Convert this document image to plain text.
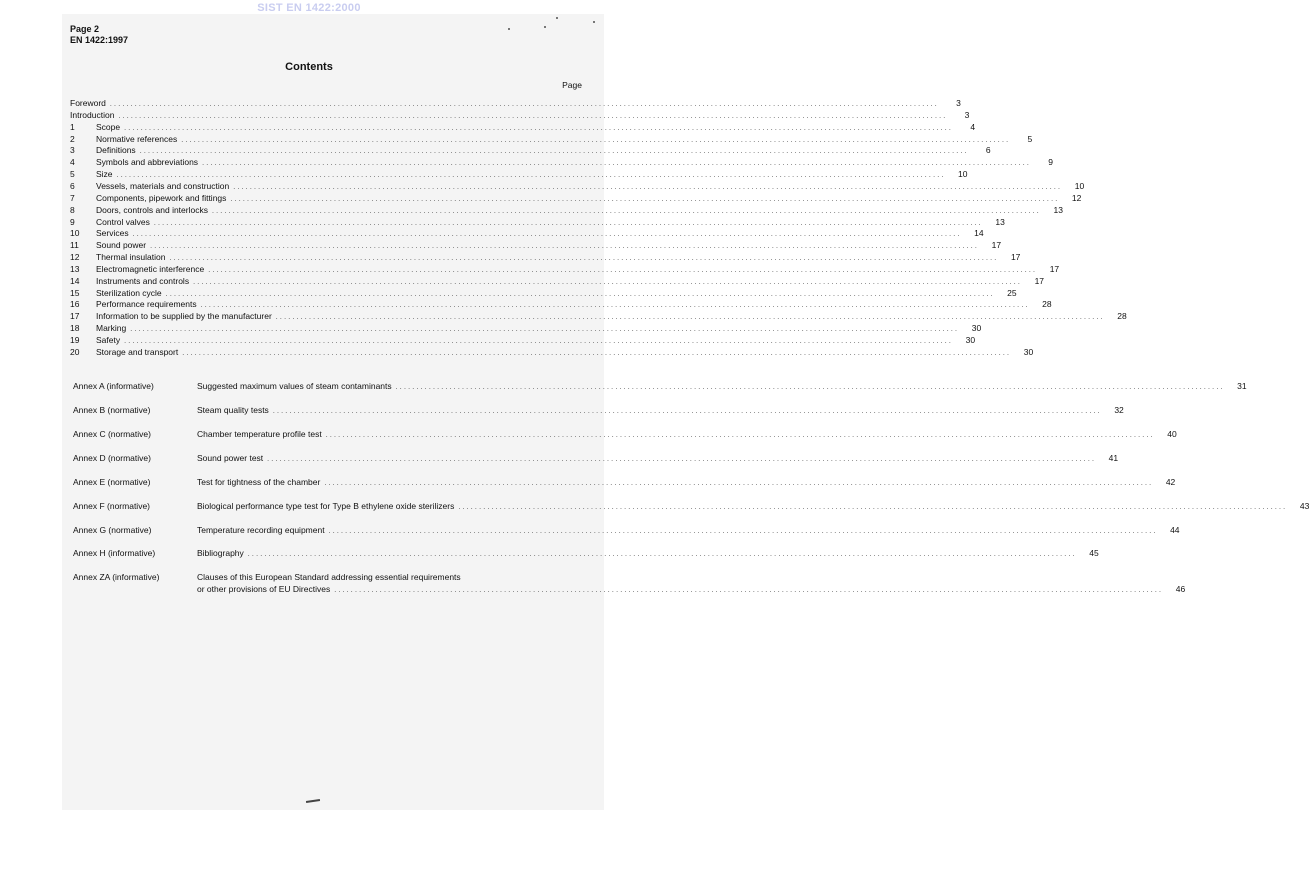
SIST EN 1422:2000
Page 2
EN 1422:1997
Contents
Page
Foreword ........................................................................................................................................................................................................	3
Introduction ........................................................................................................................................................................................................	3
1	Scope ........................................................................................................................................................................................................	4
2	Normative references ........................................................................................................................................................................................................	5
3	Definitions ........................................................................................................................................................................................................	6
4	Symbols and abbreviations ........................................................................................................................................................................................................	9
5	Size ........................................................................................................................................................................................................	10
6	Vessels, materials and construction ........................................................................................................................................................................................................	10
7	Components, pipework and fittings ........................................................................................................................................................................................................	12
8	Doors, controls and interlocks ........................................................................................................................................................................................................	13
9	Control valves ........................................................................................................................................................................................................	13
10	Services ........................................................................................................................................................................................................	14
11	Sound power ........................................................................................................................................................................................................	17
12	Thermal insulation ........................................................................................................................................................................................................	17
13	Electromagnetic interference ........................................................................................................................................................................................................	17
14	Instruments and controls ........................................................................................................................................................................................................	17
15	Sterilization cycle ........................................................................................................................................................................................................	25
16	Performance requirements ........................................................................................................................................................................................................	28
17	Information to be supplied by the manufacturer ........................................................................................................................................................................................................	28
18	Marking ........................................................................................................................................................................................................	30
19	Safety ........................................................................................................................................................................................................	30
20	Storage and transport ........................................................................................................................................................................................................	30
Annex A (informative)	Suggested maximum values of steam contaminants ........................................................................................................................................................................................................	31
Annex B (normative)	Steam quality tests ........................................................................................................................................................................................................	32
Annex C (normative)	Chamber temperature profile test ........................................................................................................................................................................................................	40
Annex D (normative)	Sound power test ........................................................................................................................................................................................................	41
Annex E (normative)	Test for tightness of the chamber ........................................................................................................................................................................................................	42
Annex F (normative)	Biological performance type test for Type B ethylene oxide sterilizers ........................................................................................................................................................................................................	43
Annex G (normative)	Temperature recording equipment ........................................................................................................................................................................................................	44
Annex H (informative)	Bibliography ........................................................................................................................................................................................................	45
Annex ZA (informative)	Clauses of this European Standard addressing essential requirements
or other provisions of EU Directives ........................................................................................................................................................................................................	46
